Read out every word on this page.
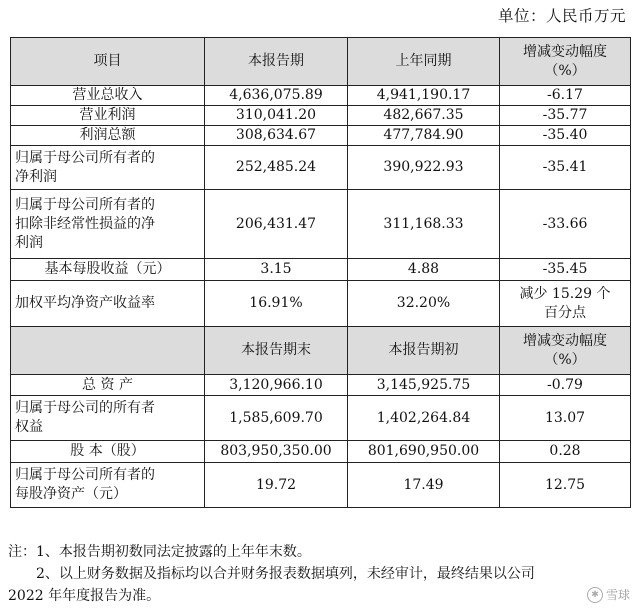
单位：人民币万元
项目	本报告期	上年同期	增减变动幅度
（%）

营业总收入	4,636,075.89	4,941,190.17	-6.17
营业利润	310,041.20	482,667.35	-35.77
利润总额	308,634.67	477,784.90	-35.40

归属于母公司所有者的
净利润	252,485.24	390,922.93	-35.41

归属于母公司所有者的
扣除非经常性损益的净
利润	206,431.47	311,168.33	-33.66
基本每股收益（元）	3.15	4.88	-35.45
加权平均净资产收益率	16.91%	32.20%	减少 15.29 个
百分点

	本报告期末	本报告期初	增减变动幅度
（%）

总 资 产	3,120,966.10	3,145,925.75	-0.79

归属于母公司的所有者
权益	1,585,609.70	1,402,264.84	13.07
股 本（股）	803,950,350.00	801,690,950.00	0.28

归属于母公司所有者的
每股净资产（元）	19.72	17.49	12.75
注：1、本报告期初数同法定披露的上年年末数。
2、以上财务数据及指标均以合并财务报表数据填列，未经审计，最终结果以公司
2022 年年度报告为准。	✱ 雪球
